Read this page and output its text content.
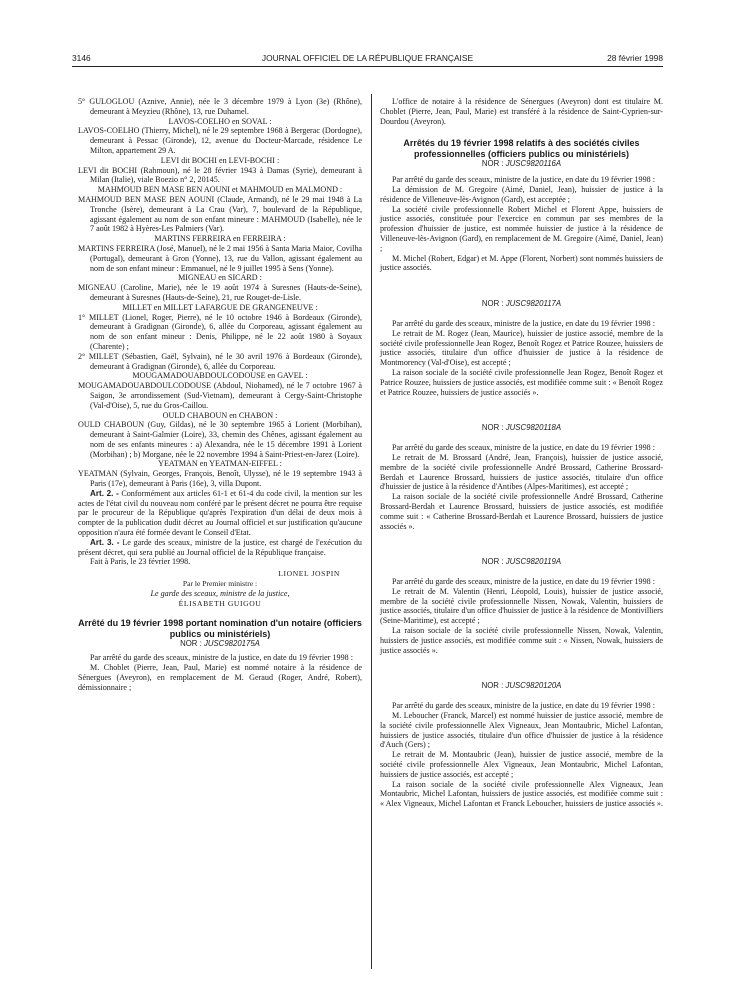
3146	JOURNAL OFFICIEL DE LA RÉPUBLIQUE FRANÇAISE	28 février 1998

5° GULOGLOU (Aznive, Annie), née le 3 décembre 1979 à Lyon (3e) (Rhône), demeurant à Meyzieu (Rhône), 13, rue Duhamel.

LAVOS-COELHO en SOVAL :

LAVOS-COELHO (Thierry, Michel), né le 29 septembre 1968 à Bergerac (Dordogne), demeurant à Pessac (Gironde), 12, avenue du Docteur-Marcade, résidence Le Milton, appartement 29 A.

LEVI dit BOCHI en LEVI-BOCHI :

LEVI dit BOCHI (Rahmoun), né le 28 février 1943 à Damas (Syrie), demeurant à Milan (Italie), viale Boezio n° 2, 20145.

MAHMOUD BEN MASE BEN AOUNI et MAHMOUD en MALMOND :

MAHMOUD BEN MASE BEN AOUNI (Claude, Armand), né le 29 mai 1948 à La Tronche (Isère), demeurant à La Crau (Var), 7, boulevard de la République, agissant également au nom de son enfant mineure : MAHMOUD (Isabelle), née le 7 août 1982 à Hyères-Les Palmiers (Var).

MARTINS FERREIRA en FERREIRA :

MARTINS FERREIRA (José, Manuel), né le 2 mai 1956 à Santa Maria Maior, Covilha (Portugal), demeurant à Gron (Yonne), 13, rue du Vallon, agissant également au nom de son enfant mineur : Emmanuel, né le 9 juillet 1995 à Sens (Yonne).

MIGNEAU en SICARD :

MIGNEAU (Caroline, Marie), née le 19 août 1974 à Suresnes (Hauts-de-Seine), demeurant à Suresnes (Hauts-de-Seine), 21, rue Rouget-de-Lisle.

MILLET en MILLET LAFARGUE DE GRANGENEUVE :

1° MILLET (Lionel, Roger, Pierre), né le 10 octobre 1946 à Bordeaux (Gironde), demeurant à Gradignan (Gironde), 6, allée du Corporeau, agissant également au nom de son enfant mineur : Denis, Philippe, né le 22 août 1980 à Soyaux (Charente) ;

2° MILLET (Sébastien, Gaël, Sylvain), né le 30 avril 1976 à Bordeaux (Gironde), demeurant à Gradignan (Gironde), 6, allée du Corporeau.

MOUGAMADOUABDOULCODOUSE en GAVEL :

MOUGAMADOUABDOULCODOUSE (Abdoul, Niohamed), né le 7 octobre 1967 à Saigon, 3e arrondissement (Sud-Vietnam), demeurant à Cergy-Saint-Christophe (Val-d'Oise), 5, rue du Gros-Caillou.

OULD CHABOUN en CHABON :

OULD CHABOUN (Guy, Gildas), né le 30 septembre 1965 à Lorient (Morbihan), demeurant à Saint-Galmier (Loire), 33, chemin des Chênes, agissant également au nom de ses enfants mineures : a) Alexandra, née le 15 décembre 1991 à Lorient (Morbihan) ; b) Morgane, née le 22 novembre 1994 à Saint-Priest-en-Jarez (Loire).

YEATMAN en YEATMAN-EIFFEL :

YEATMAN (Sylvain, Georges, François, Benoît, Ulysse), né le 19 septembre 1943 à Paris (17e), demeurant à Paris (16e), 3, villa Dupont.

Art. 2. - Conformément aux articles 61-1 et 61-4 du code civil, la mention sur les actes de l'état civil du nouveau nom conféré par le présent décret ne pourra être requise par le procureur de la République qu'après l'expiration d'un délai de deux mois à compter de la publication dudit décret au Journal officiel et sur justification qu'aucune opposition n'aura été formée devant le Conseil d'Etat.

Art. 3. - Le garde des sceaux, ministre de la justice, est chargé de l'exécution du présent décret, qui sera publié au Journal officiel de la République française.

Fait à Paris, le 23 février 1998.

LIONEL JOSPIN

Par le Premier ministre :

Le garde des sceaux, ministre de la justice,

ÉLISABETH GUIGOU

Arrêté du 19 février 1998 portant nomination d'un notaire (officiers publics ou ministériels)

NOR : JUSC9820175A

Par arrêté du garde des sceaux, ministre de la justice, en date du 19 février 1998 :

M. Choblet (Pierre, Jean, Paul, Marie) est nommé notaire à la résidence de Sénergues (Aveyron), en remplacement de M. Geraud (Roger, André, Robert), démissionnaire ;

L'office de notaire à la résidence de Sénergues (Aveyron) dont est titulaire M. Choblet (Pierre, Jean, Paul, Marie) est transféré à la résidence de Saint-Cyprien-sur-Dourdou (Aveyron).

Arrêtés du 19 février 1998 relatifs à des sociétés civiles professionnelles (officiers publics ou ministériels)

NOR : JUSC9820116A

Par arrêté du garde des sceaux, ministre de la justice, en date du 19 février 1998 :

La démission de M. Gregoire (Aimé, Daniel, Jean), huissier de justice à la résidence de Villeneuve-lès-Avignon (Gard), est acceptée ;

La société civile professionnelle Robert Michel et Florent Appe, huissiers de justice associés, constituée pour l'exercice en commun par ses membres de la profession d'huissier de justice, est nommée huissier de justice à la résidence de Villeneuve-lès-Avignon (Gard), en remplacement de M. Gregoire (Aimé, Daniel, Jean) ;

M. Michel (Robert, Edgar) et M. Appe (Florent, Norbert) sont nommés huissiers de justice associés.

NOR : JUSC9820117A

Par arrêté du garde des sceaux, ministre de la justice, en date du 19 février 1998 :

Le retrait de M. Rogez (Jean, Maurice), huissier de justice associé, membre de la société civile professionnelle Jean Rogez, Benoît Rogez et Patrice Rouzee, huissiers de justice associés, titulaire d'un office d'huissier de justice à la résidence de Montmorency (Val-d'Oise), est accepté ;

La raison sociale de la société civile professionnelle Jean Rogez, Benoît Rogez et Patrice Rouzee, huissiers de justice associés, est modifiée comme suit : « Benoît Rogez et Patrice Rouzee, huissiers de justice associés ».

NOR : JUSC9820118A

Par arrêté du garde des sceaux, ministre de la justice, en date du 19 février 1998 :

Le retrait de M. Brossard (André, Jean, François), huissier de justice associé, membre de la société civile professionnelle André Brossard, Catherine Brossard-Berdah et Laurence Brossard, huissiers de justice associés, titulaire d'un office d'huissier de justice à la résidence d'Antibes (Alpes-Maritimes), est accepté ;

La raison sociale de la société civile professionnelle André Brossard, Catherine Brossard-Berdah et Laurence Brossard, huissiers de justice associés, est modifiée comme suit : « Catherine Brossard-Berdah et Laurence Brossard, huissiers de justice associés ».

NOR : JUSC9820119A

Par arrêté du garde des sceaux, ministre de la justice, en date du 19 février 1998 :

Le retrait de M. Valentin (Henri, Léopold, Louis), huissier de justice associé, membre de la société civile professionnelle Nissen, Nowak, Valentin, huissiers de justice associés, titulaire d'un office d'huissier de justice à la résidence de Montivilliers (Seine-Maritime), est accepté ;

La raison sociale de la société civile professionnelle Nissen, Nowak, Valentin, huissiers de justice associés, est modifiée comme suit : « Nissen, Nowak, huissiers de justice associés ».

NOR : JUSC9820120A

Par arrêté du garde des sceaux, ministre de la justice, en date du 19 février 1998 :

M. Leboucher (Franck, Marcel) est nommé huissier de justice associé, membre de la société civile professionnelle Alex Vigneaux, Jean Montaubric, Michel Lafontan, huissiers de justice associés, titulaire d'un office d'huissier de justice à la résidence d'Auch (Gers) ;

Le retrait de M. Montaubric (Jean), huissier de justice associé, membre de la société civile professionnelle Alex Vigneaux, Jean Montaubric, Michel Lafontan, huissiers de justice associés, est accepté ;

La raison sociale de la société civile professionnelle Alex Vigneaux, Jean Montaubric, Michel Lafontan, huissiers de justice associés, est modifiée comme suit : « Alex Vigneaux, Michel Lafontan et Franck Leboucher, huissiers de justice associés ».
